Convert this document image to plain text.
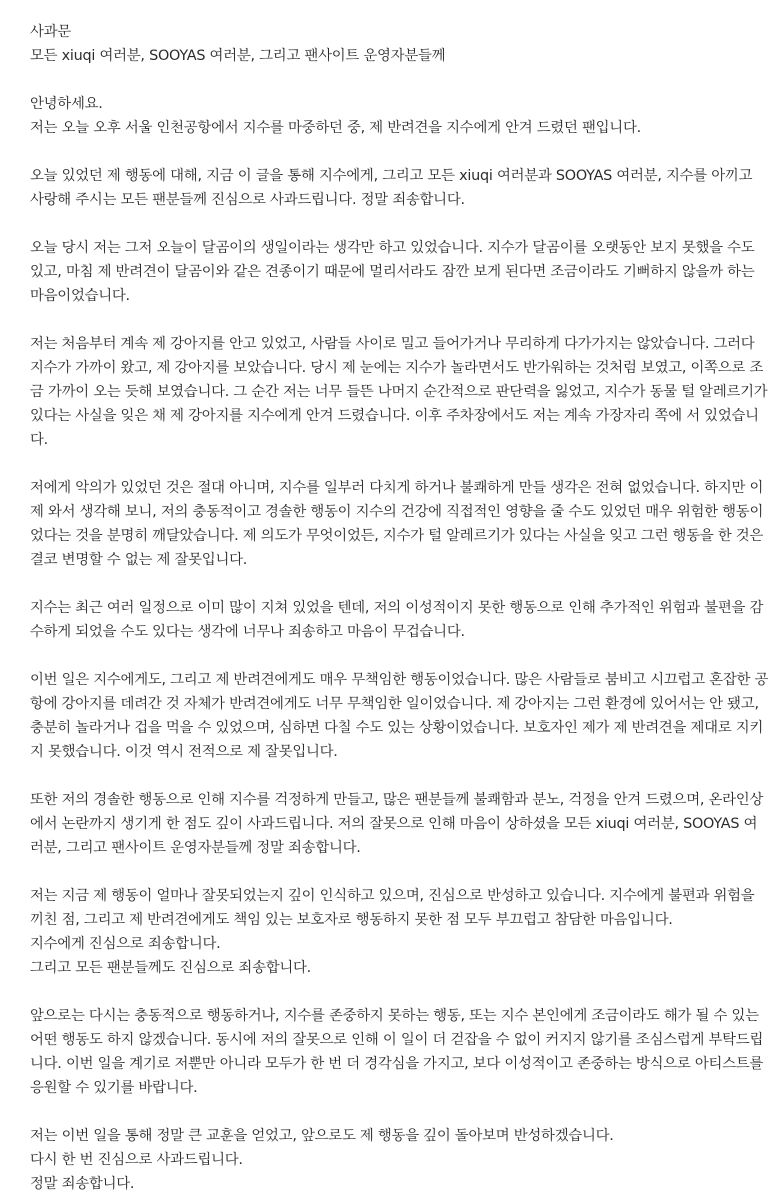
사과문
모든 xiuqi 여러분, SOOYAS 여러분, 그리고 팬사이트 운영자분들께
안녕하세요.
저는 오늘 오후 서울 인천공항에서 지수를 마중하던 중, 제 반려견을 지수에게 안겨 드렸던 팬입니다.
오늘 있었던 제 행동에 대해, 지금 이 글을 통해 지수에게, 그리고 모든 xiuqi 여러분과 SOOYAS 여러분, 지수를 아끼고
사랑해 주시는 모든 팬분들께 진심으로 사과드립니다. 정말 죄송합니다.
오늘 당시 저는 그저 오늘이 달곰이의 생일이라는 생각만 하고 있었습니다. 지수가 달곰이를 오랫동안 보지 못했을 수도
있고, 마침 제 반려견이 달곰이와 같은 견종이기 때문에 멀리서라도 잠깐 보게 된다면 조금이라도 기뻐하지 않을까 하는
마음이었습니다.
저는 처음부터 계속 제 강아지를 안고 있었고, 사람들 사이로 밀고 들어가거나 무리하게 다가가지는 않았습니다. 그러다
지수가 가까이 왔고, 제 강아지를 보았습니다. 당시 제 눈에는 지수가 놀라면서도 반가워하는 것처럼 보였고, 이쪽으로 조
금 가까이 오는 듯해 보였습니다. 그 순간 저는 너무 들뜬 나머지 순간적으로 판단력을 잃었고, 지수가 동물 털 알레르기가
있다는 사실을 잊은 채 제 강아지를 지수에게 안겨 드렸습니다. 이후 주차장에서도 저는 계속 가장자리 쪽에 서 있었습니
다.
저에게 악의가 있었던 것은 절대 아니며, 지수를 일부러 다치게 하거나 불쾌하게 만들 생각은 전혀 없었습니다. 하지만 이
제 와서 생각해 보니, 저의 충동적이고 경솔한 행동이 지수의 건강에 직접적인 영향을 줄 수도 있었던 매우 위험한 행동이
었다는 것을 분명히 깨달았습니다. 제 의도가 무엇이었든, 지수가 털 알레르기가 있다는 사실을 잊고 그런 행동을 한 것은
결코 변명할 수 없는 제 잘못입니다.
지수는 최근 여러 일정으로 이미 많이 지쳐 있었을 텐데, 저의 이성적이지 못한 행동으로 인해 추가적인 위험과 불편을 감
수하게 되었을 수도 있다는 생각에 너무나 죄송하고 마음이 무겁습니다.
이번 일은 지수에게도, 그리고 제 반려견에게도 매우 무책임한 행동이었습니다. 많은 사람들로 붐비고 시끄럽고 혼잡한 공
항에 강아지를 데려간 것 자체가 반려견에게도 너무 무책임한 일이었습니다. 제 강아지는 그런 환경에 있어서는 안 됐고,
충분히 놀라거나 겁을 먹을 수 있었으며, 심하면 다칠 수도 있는 상황이었습니다. 보호자인 제가 제 반려견을 제대로 지키
지 못했습니다. 이것 역시 전적으로 제 잘못입니다.
또한 저의 경솔한 행동으로 인해 지수를 걱정하게 만들고, 많은 팬분들께 불쾌함과 분노, 걱정을 안겨 드렸으며, 온라인상
에서 논란까지 생기게 한 점도 깊이 사과드립니다. 저의 잘못으로 인해 마음이 상하셨을 모든 xiuqi 여러분, SOOYAS 여
러분, 그리고 팬사이트 운영자분들께 정말 죄송합니다.
저는 지금 제 행동이 얼마나 잘못되었는지 깊이 인식하고 있으며, 진심으로 반성하고 있습니다. 지수에게 불편과 위험을
끼친 점, 그리고 제 반려견에게도 책임 있는 보호자로 행동하지 못한 점 모두 부끄럽고 참담한 마음입니다.
지수에게 진심으로 죄송합니다.
그리고 모든 팬분들께도 진심으로 죄송합니다.
앞으로는 다시는 충동적으로 행동하거나, 지수를 존중하지 못하는 행동, 또는 지수 본인에게 조금이라도 해가 될 수 있는
어떤 행동도 하지 않겠습니다. 동시에 저의 잘못으로 인해 이 일이 더 걷잡을 수 없이 커지지 않기를 조심스럽게 부탁드립
니다. 이번 일을 계기로 저뿐만 아니라 모두가 한 번 더 경각심을 가지고, 보다 이성적이고 존중하는 방식으로 아티스트를
응원할 수 있기를 바랍니다.
저는 이번 일을 통해 정말 큰 교훈을 얻었고, 앞으로도 제 행동을 깊이 돌아보며 반성하겠습니다.
다시 한 번 진심으로 사과드립니다.
정말 죄송합니다.
